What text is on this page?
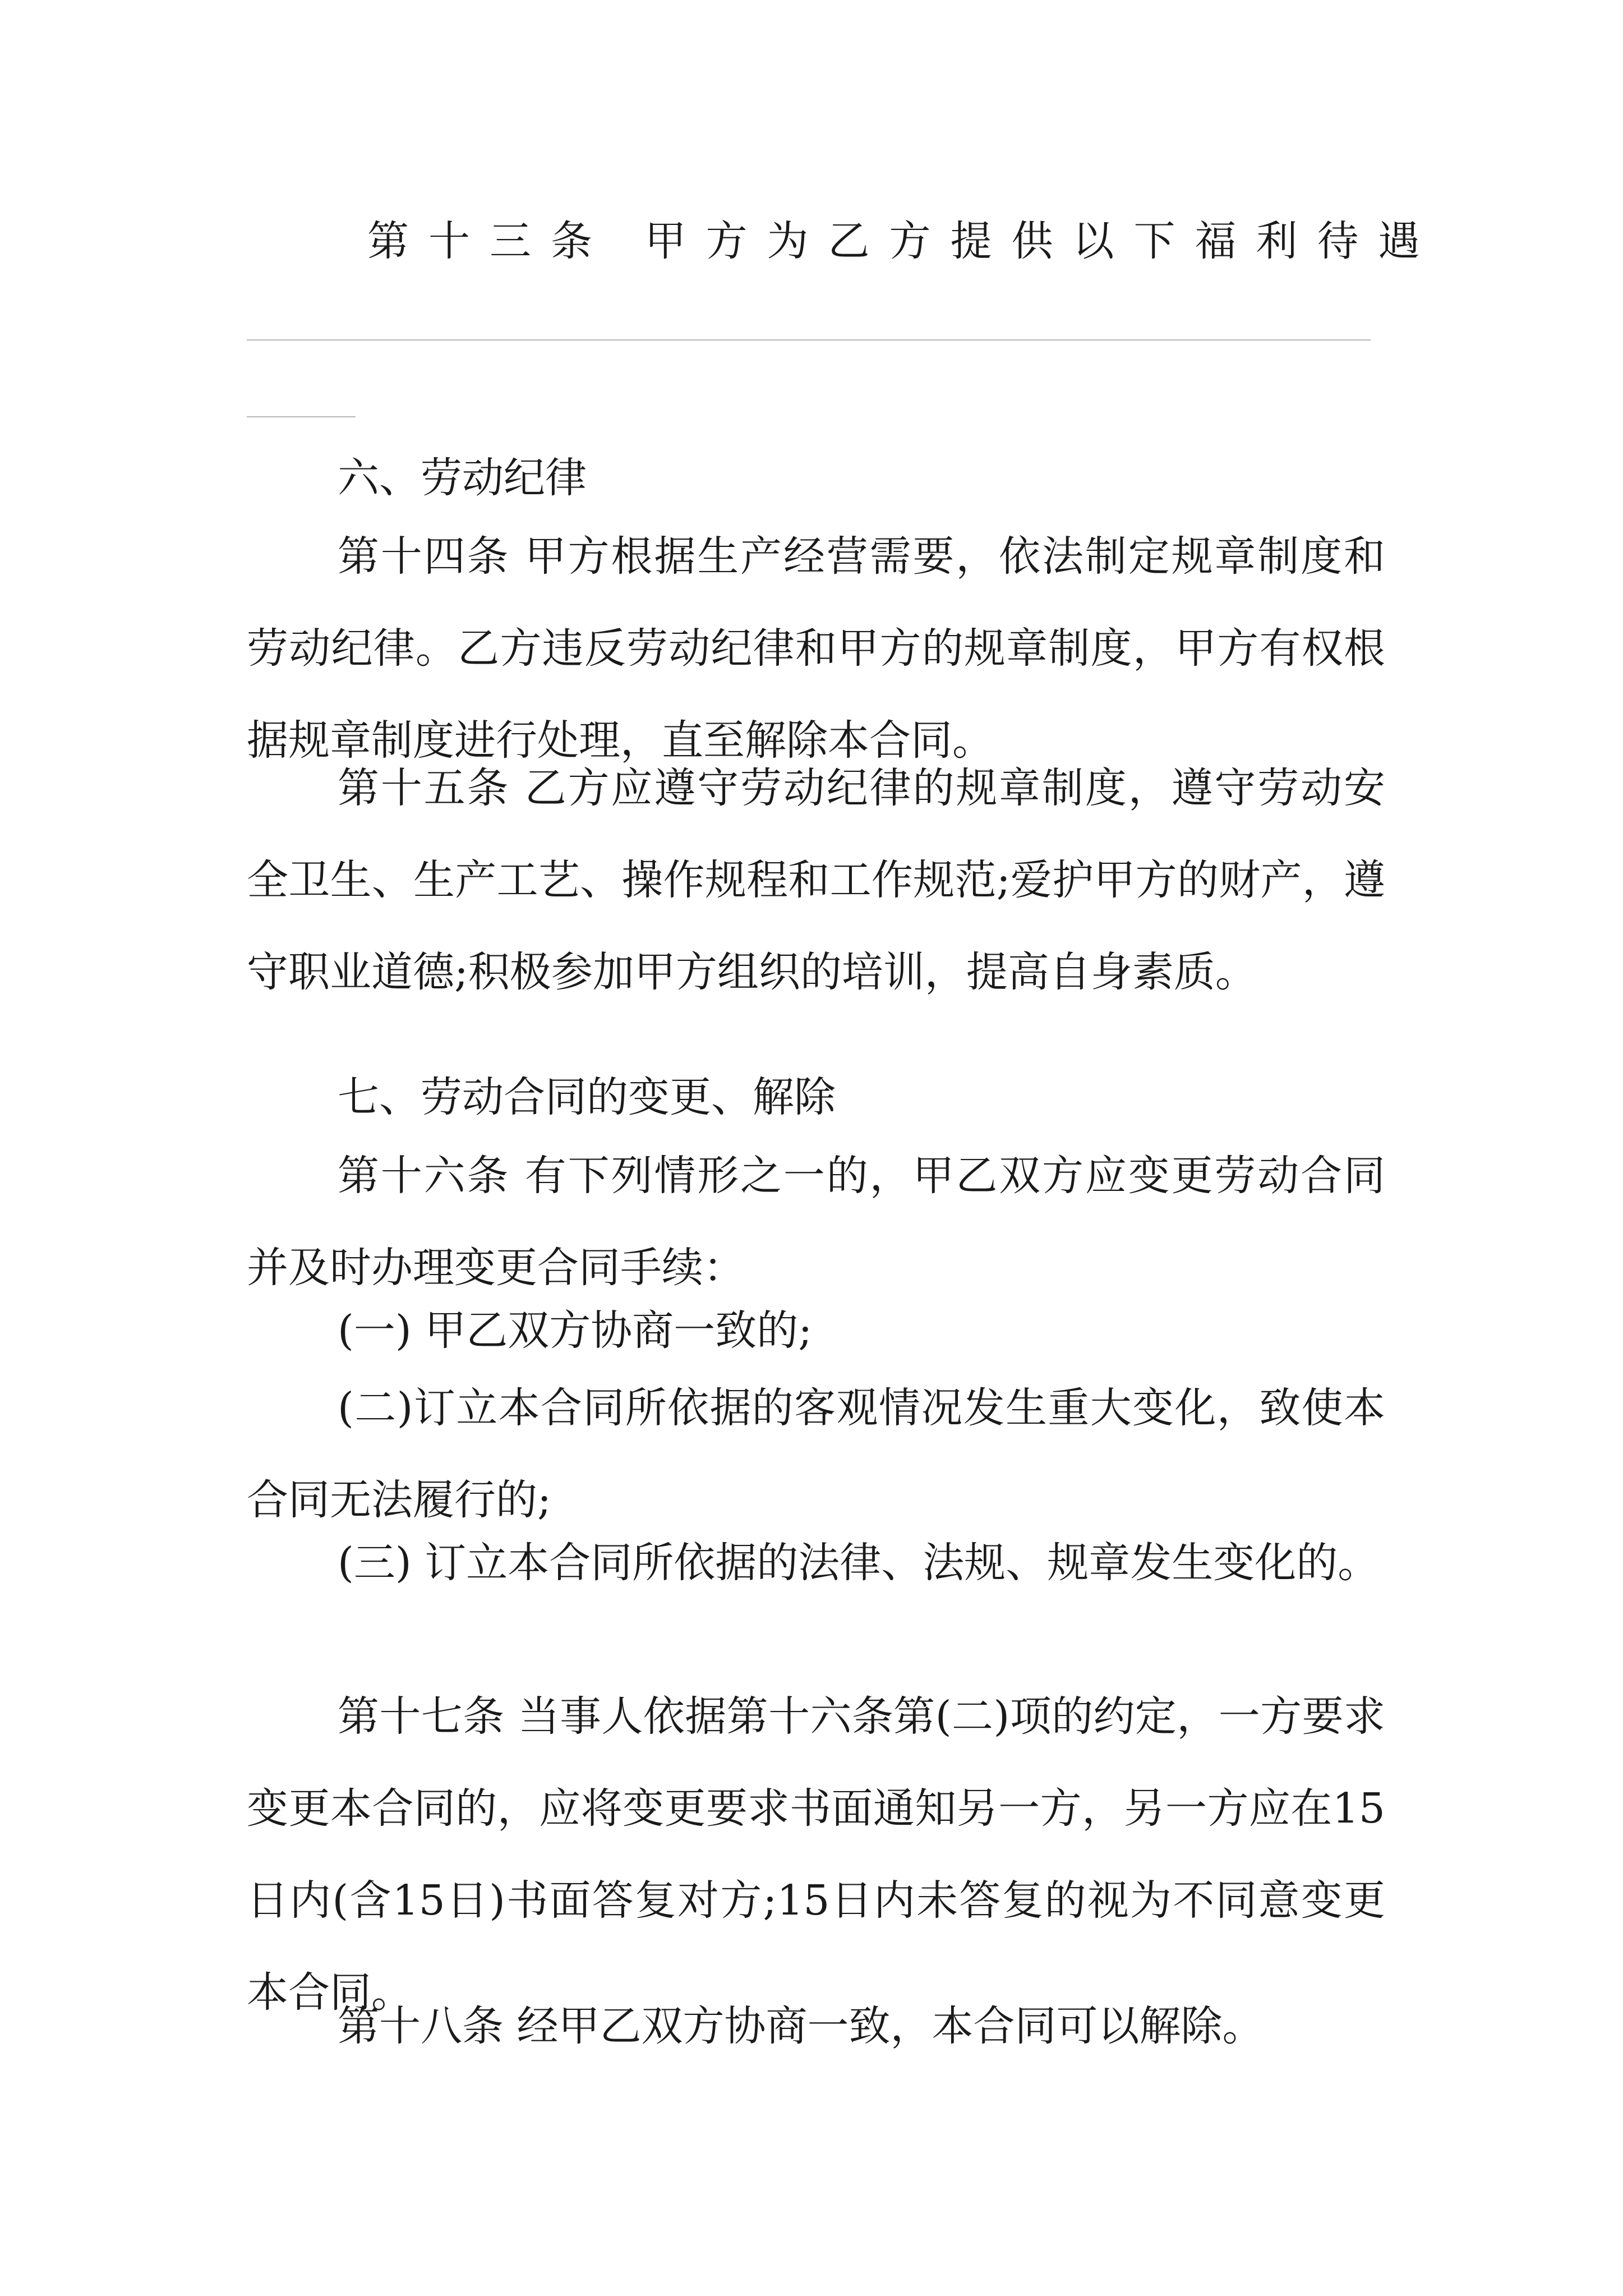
第十三条 甲方为乙方提供以下福利待遇

六、劳动纪律

第十四条 甲方根据生产经营需要，依法制定规章制度和劳动纪律。乙方违反劳动纪律和甲方的规章制度，甲方有权根据规章制度进行处理，直至解除本合同。

第十五条 乙方应遵守劳动纪律的规章制度，遵守劳动安全卫生、生产工艺、操作规程和工作规范;爱护甲方的财产，遵守职业道德;积极参加甲方组织的培训，提高自身素质。

七、劳动合同的变更、解除

第十六条 有下列情形之一的，甲乙双方应变更劳动合同并及时办理变更合同手续：

(一) 甲乙双方协商一致的;

(二)订立本合同所依据的客观情况发生重大变化，致使本合同无法履行的;

(三) 订立本合同所依据的法律、法规、规章发生变化的。

第十七条 当事人依据第十六条第(二)项的约定，一方要求变更本合同的，应将变更要求书面通知另一方，另一方应在15日内(含15日)书面答复对方;15日内未答复的视为不同意变更本合同。

第十八条 经甲乙双方协商一致，本合同可以解除。
